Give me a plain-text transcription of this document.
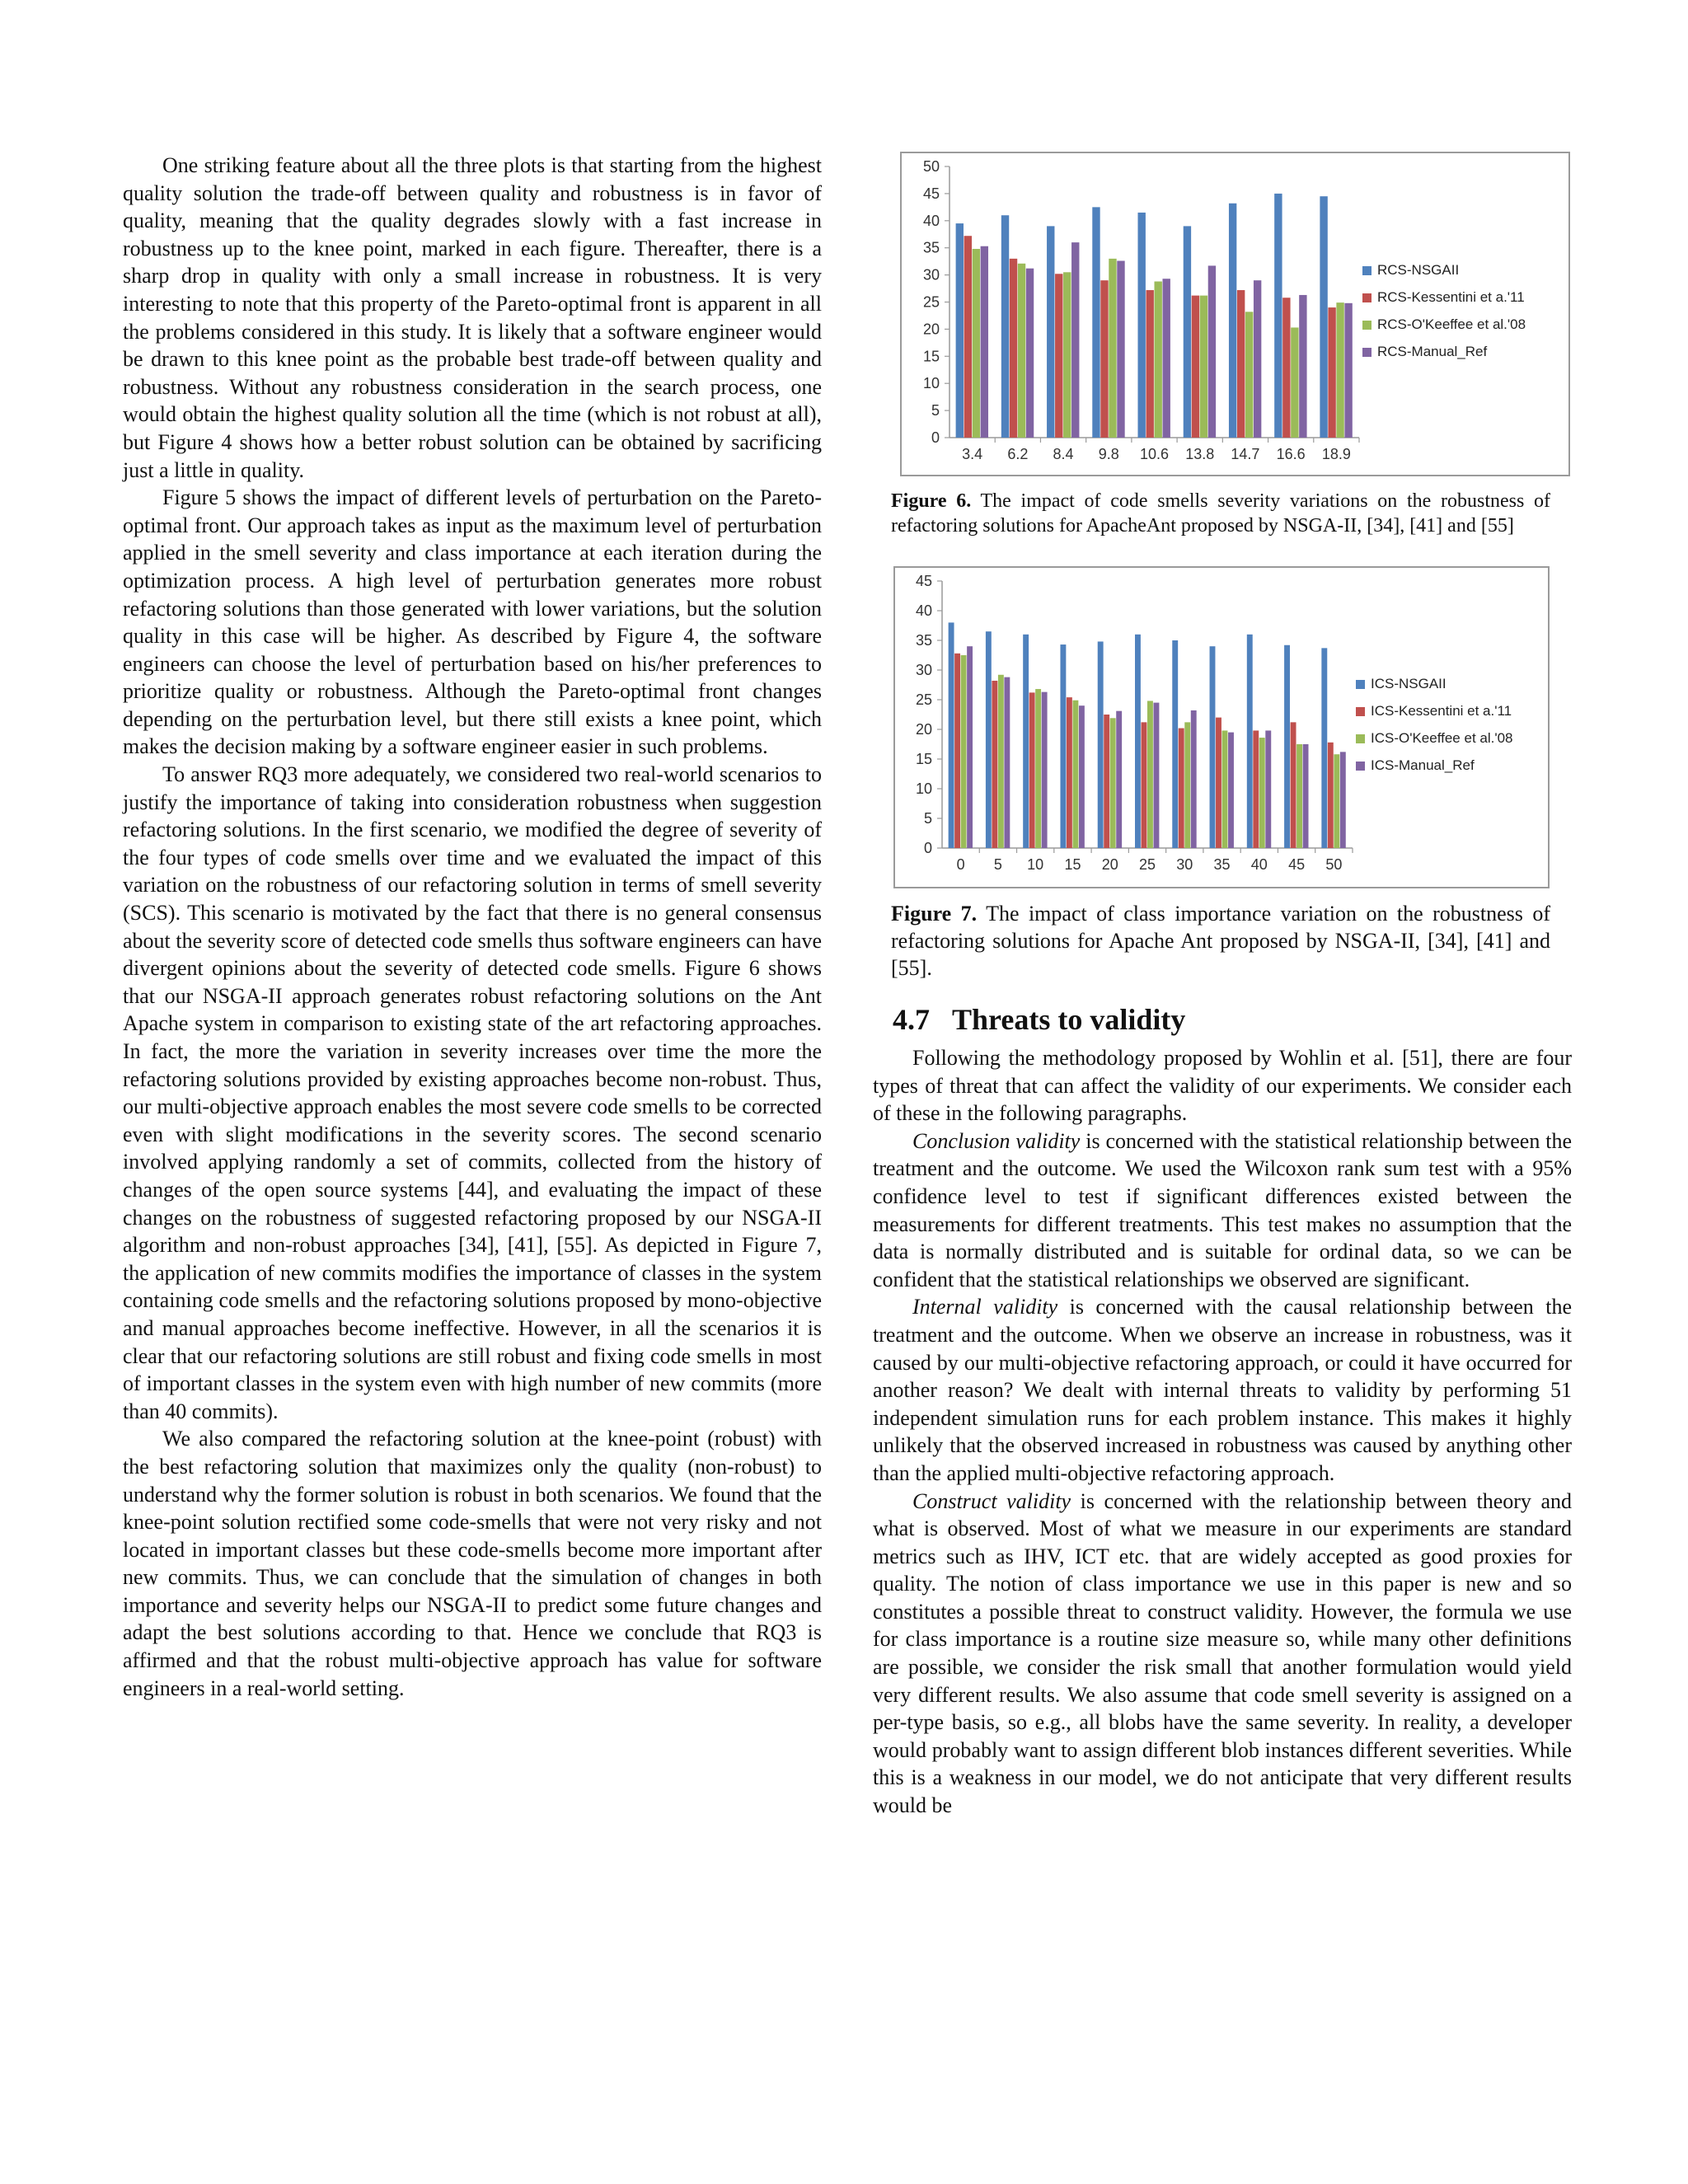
One striking feature about all the three plots is that starting from the highest quality solution the trade-off between quality and robustness is in favor of quality, meaning that the quality degrades slowly with a fast increase in robustness up to the knee point, marked in each figure. Thereafter, there is a sharp drop in quality with only a small increase in robustness. It is very interesting to note that this property of the Pareto-optimal front is apparent in all the problems considered in this study. It is likely that a software engineer would be drawn to this knee point as the probable best trade-off between quality and robustness. Without any robustness consideration in the search process, one would obtain the highest quality solution all the time (which is not robust at all), but Figure 4 shows how a better robust solution can be obtained by sacrificing just a little in quality.

Figure 5 shows the impact of different levels of perturbation on the Pareto-optimal front. Our approach takes as input as the maximum level of perturbation applied in the smell severity and class importance at each iteration during the optimization process. A high level of perturbation generates more robust refactoring solutions than those generated with lower variations, but the solution quality in this case will be higher. As described by Figure 4, the software engineers can choose the level of perturbation based on his/her preferences to prioritize quality or robustness. Although the Pareto-optimal front changes depending on the perturbation level, but there still exists a knee point, which makes the decision making by a software engineer easier in such problems.

To answer RQ3 more adequately, we considered two real-world scenarios to justify the importance of taking into consideration robustness when suggestion refactoring solutions. In the first scenario, we modified the degree of severity of the four types of code smells over time and we evaluated the impact of this variation on the robustness of our refactoring solution in terms of smell severity (SCS). This scenario is motivated by the fact that there is no general consensus about the severity score of detected code smells thus software engineers can have divergent opinions about the severity of detected code smells. Figure 6 shows that our NSGA-II approach generates robust refactoring solutions on the Ant Apache system in comparison to existing state of the art refactoring approaches. In fact, the more the variation in severity increases over time the more the refactoring solutions provided by existing approaches become non-robust. Thus, our multi-objective approach enables the most severe code smells to be corrected even with slight modifications in the severity scores. The second scenario involved applying randomly a set of commits, collected from the history of changes of the open source systems [44], and evaluating the impact of these changes on the robustness of suggested refactoring proposed by our NSGA-II algorithm and non-robust approaches [34], [41], [55]. As depicted in Figure 7, the application of new commits modifies the importance of classes in the system containing code smells and the refactoring solutions proposed by mono-objective and manual approaches become ineffective. However, in all the scenarios it is clear that our refactoring solutions are still robust and fixing code smells in most of important classes in the system even with high number of new commits (more than 40 commits).

We also compared the refactoring solution at the knee-point (robust) with the best refactoring solution that maximizes only the quality (non-robust) to understand why the former solution is robust in both scenarios. We found that the knee-point solution rectified some code-smells that were not very risky and not located in important classes but these code-smells become more important after new commits. Thus, we can conclude that the simulation of changes in both importance and severity helps our NSGA-II to predict some future changes and adapt the best solutions according to that. Hence we conclude that RQ3 is affirmed and that the robust multi-objective approach has value for software engineers in a real-world setting.

0
5
10
15
20
25
30
35
40
45
50
3.4 6.2 8.4 9.8 10.6 13.8 14.7 16.6 18.9
RCS-NSGAII
RCS-Kessentini et a.'11
RCS-O'Keeffee et al.'08
RCS-Manual_Ref

Figure 6. The impact of code smells severity variations on the robustness of refactoring solutions for ApacheAnt proposed by NSGA-II, [34], [41] and [55]

0
5
10
15
20
25
30
35
40
45
0 5 10 15 20 25 30 35 40 45 50
ICS-NSGAII
ICS-Kessentini et a.'11
ICS-O'Keeffee et al.'08
ICS-Manual_Ref

Figure 7. The impact of class importance variation on the robustness of refactoring solutions for Apache Ant proposed by NSGA-II, [34], [41] and [55].

4.7 Threats to validity

Following the methodology proposed by Wohlin et al. [51], there are four types of threat that can affect the validity of our experiments. We consider each of these in the following paragraphs.

Conclusion validity is concerned with the statistical relationship between the treatment and the outcome. We used the Wilcoxon rank sum test with a 95% confidence level to test if significant differences existed between the measurements for different treatments. This test makes no assumption that the data is normally distributed and is suitable for ordinal data, so we can be confident that the statistical relationships we observed are significant.

Internal validity is concerned with the causal relationship between the treatment and the outcome. When we observe an increase in robustness, was it caused by our multi-objective refactoring approach, or could it have occurred for another reason? We dealt with internal threats to validity by performing 51 independent simulation runs for each problem instance. This makes it highly unlikely that the observed increased in robustness was caused by anything other than the applied multi-objective refactoring approach.

Construct validity is concerned with the relationship between theory and what is observed. Most of what we measure in our experiments are standard metrics such as IHV, ICT etc. that are widely accepted as good proxies for quality. The notion of class importance we use in this paper is new and so constitutes a possible threat to construct validity. However, the formula we use for class importance is a routine size measure so, while many other definitions are possible, we consider the risk small that another formulation would yield very different results. We also assume that code smell severity is assigned on a per-type basis, so e.g., all blobs have the same severity. In reality, a developer would probably want to assign different blob instances different severities. While this is a weakness in our model, we do not anticipate that very different results would be
